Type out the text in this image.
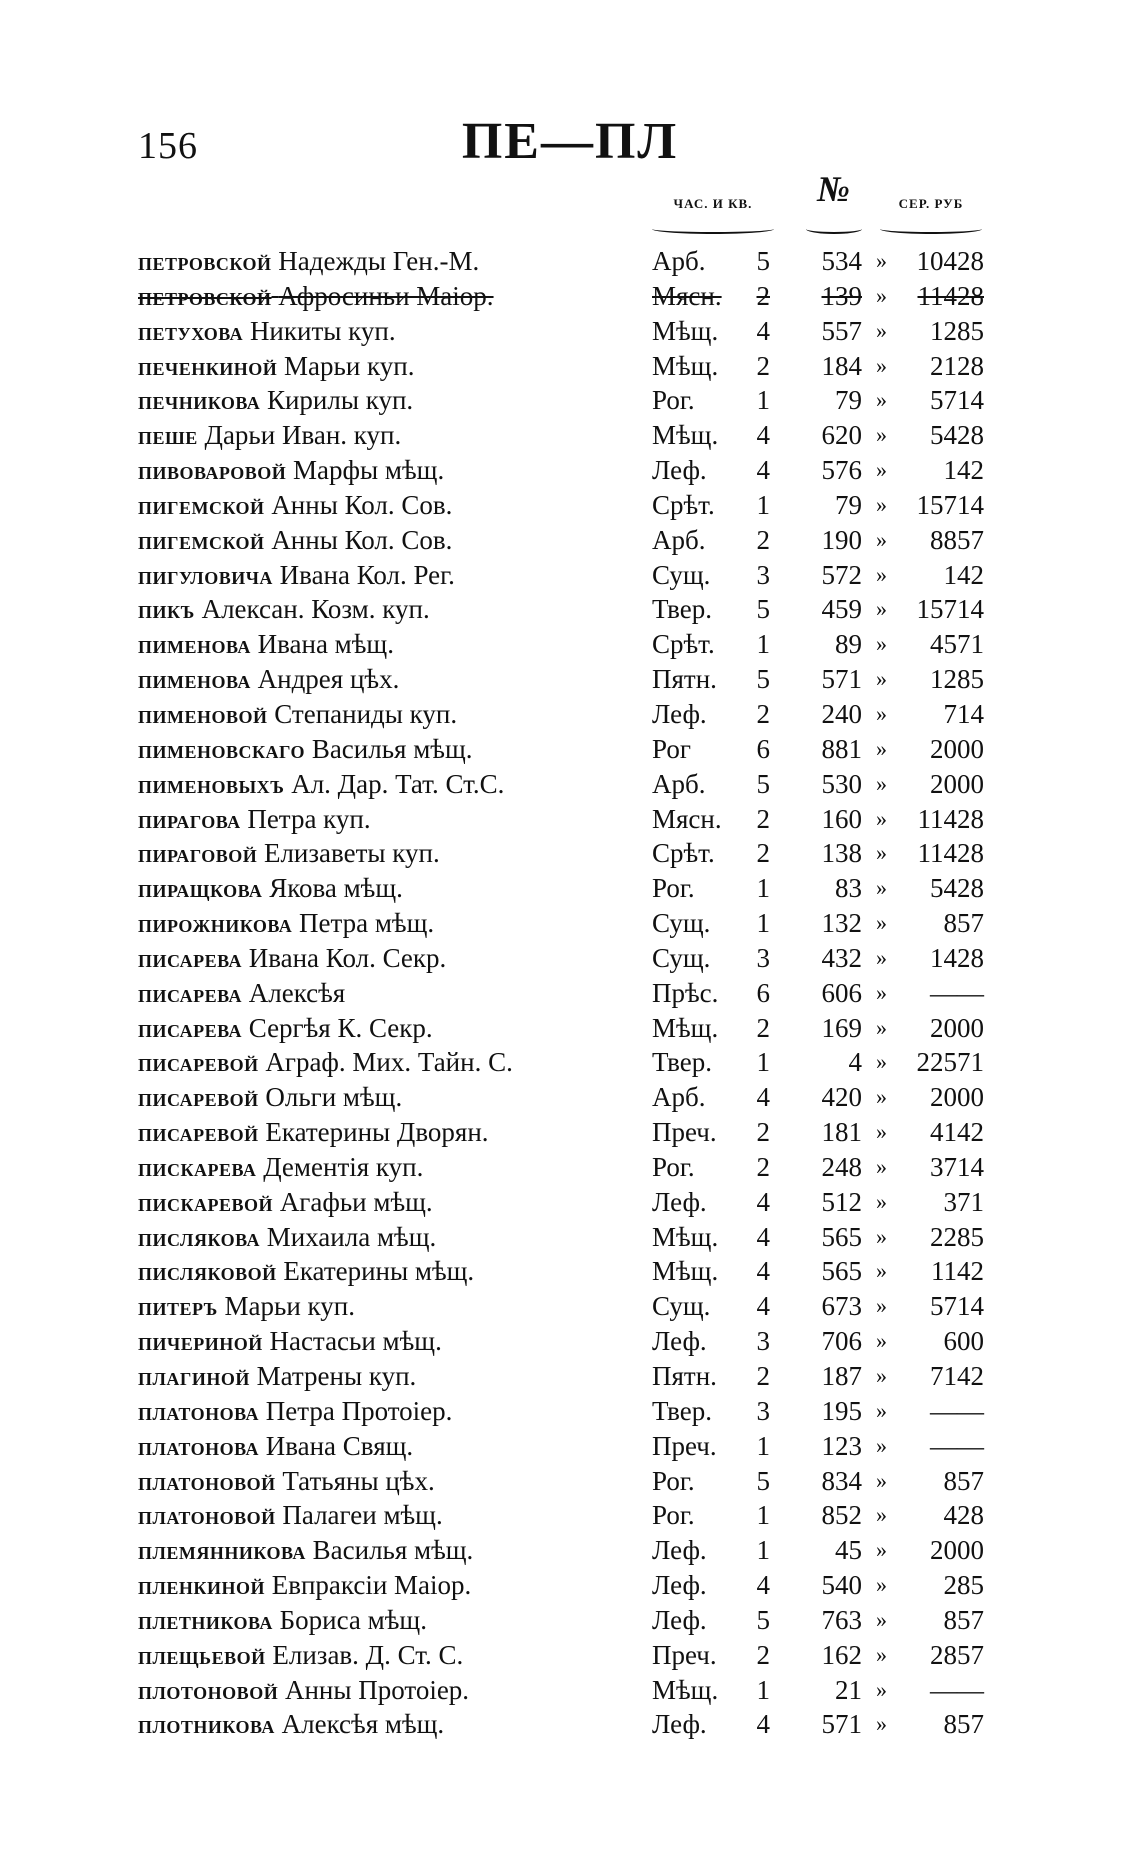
156	ПЕ—ПЛ
ЧАС. И КВ.	№	СЕР. РУБ
петровской Надежды Ген.-М.	Арб.	5	534 »	10428
петровской Афросиньи Маіор.	Мясн.	2	139 »	11428
петухова Никиты куп.	Мѣщ.	4	557 »	1285
печенкиной Марьи куп.	Мѣщ.	2	184 »	2128
печникова Кирилы куп.	Рог.	1	79 »	5714
пеше Дарьи Иван. куп.	Мѣщ.	4	620 »	5428
пивоваровой Марфы мѣщ.	Леф.	4	576 »	142
пигемской Анны Кол. Сов.	Срѣт.	1	79 »	15714
пигемской Анны Кол. Сов.	Арб.	2	190 »	8857
пигуловича Ивана Кол. Рег.	Сущ.	3	572 »	142
пикъ Алексан. Козм. куп.	Твер.	5	459 »	15714
пименова Ивана мѣщ.	Срѣт.	1	89 »	4571
пименова Андрея цѣх.	Пятн.	5	571 »	1285
пименовой Степаниды куп.	Леф.	2	240 »	714
пименовскаго Василья мѣщ.	Рог	6	881 »	2000
пименовыхъ Ал. Дар. Тат. Ст.С.	Арб.	5	530 »	2000
пирагова Петра куп.	Мясн.	2	160 »	11428
пираговой Елизаветы куп.	Срѣт.	2	138 »	11428
пиращкова Якова мѣщ.	Рог.	1	83 »	5428
пирожникова Петра мѣщ.	Сущ.	1	132 »	857
писарева Ивана Кол. Секр.	Сущ.	3	432 »	1428
писарева Алексѣя	Прѣс.	6	606 »	——
писарева Сергѣя К. Секр.	Мѣщ.	2	169 »	2000
писаревой Аграф. Мих. Тайн. С.	Твер.	1	4 »	22571
писаревой Ольги мѣщ.	Арб.	4	420 »	2000
писаревой Екатерины Дворян.	Преч.	2	181 »	4142
пискарева Дементія куп.	Рог.	2	248 »	3714
пискаревой Агафьи мѣщ.	Леф.	4	512 »	371
пислякова Михаила мѣщ.	Мѣщ.	4	565 »	2285
писляковой Екатерины мѣщ.	Мѣщ.	4	565 »	1142
питеръ Марьи куп.	Сущ.	4	673 »	5714
пичериной Настасьи мѣщ.	Леф.	3	706 »	600
плагиной Матрены куп.	Пятн.	2	187 »	7142
платонова Петра Протоіер.	Твер.	3	195 »	——
платонова Ивана Свящ.	Преч.	1	123 »	——
платоновой Татьяны цѣх.	Рог.	5	834 »	857
платоновой Палагеи мѣщ.	Рог.	1	852 »	428
племянникова Василья мѣщ.	Леф.	1	45 »	2000
пленкиной Евпраксіи Маіор.	Леф.	4	540 »	285
плетникова Бориса мѣщ.	Леф.	5	763 »	857
плещьевой Елизав. Д. Ст. С.	Преч.	2	162 »	2857
плотоновой Анны Протоіер.	Мѣщ.	1	21 »	——
плотникова Алексѣя мѣщ.	Леф.	4	571 »	857
